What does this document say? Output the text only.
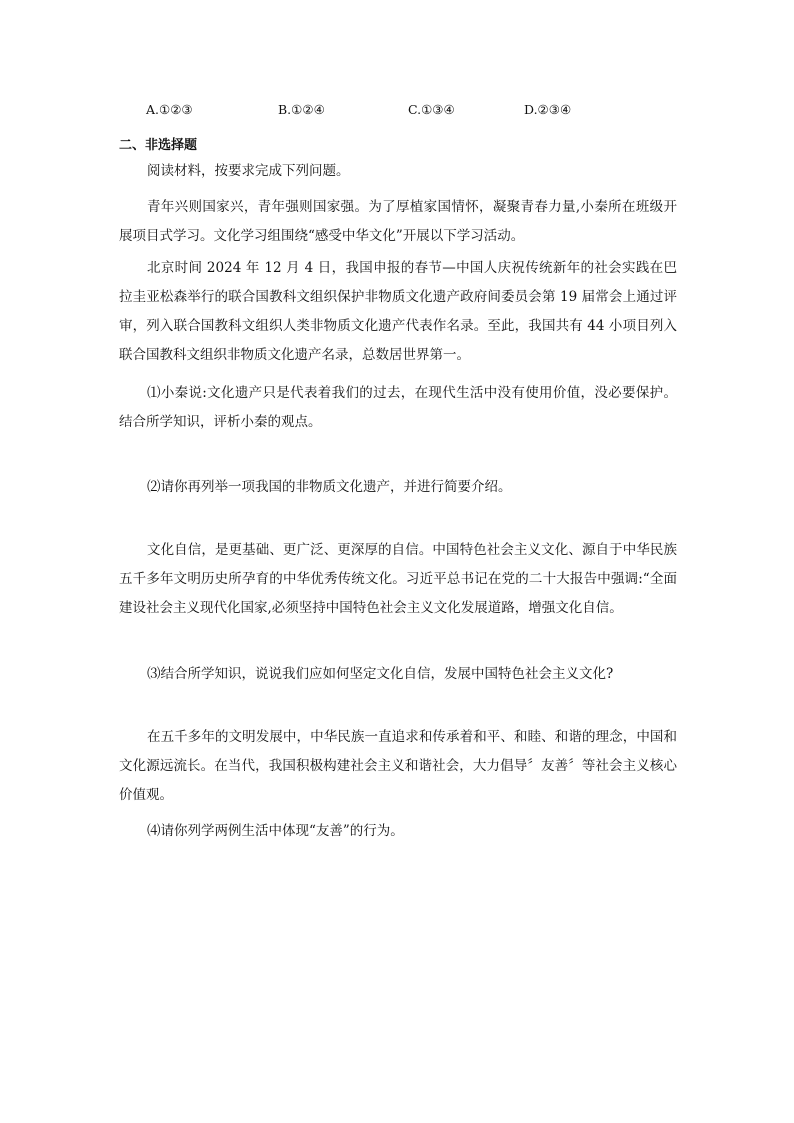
A.①②③	B.①②④	C.①③④	D.②③④
二、非选择题

阅读材料，按要求完成下列问题。

青年兴则国家兴，青年强则国家强。为了厚植家国情怀，凝聚青春力量,小秦所在班级开展项目式学习。文化学习组围绕“感受中华文化”开展以下学习活动。

北京时间 2024 年 12 月 4 日，我国申报的春节—中国人庆祝传统新年的社会实践在巴拉圭亚松森举行的联合国教科文组织保护非物质文化遗产政府间委员会第 19 届常会上通过评审，列入联合国教科文组织人类非物质文化遗产代表作名录。至此，我国共有 44 小项目列入联合国教科文组织非物质文化遗产名录，总数居世界第一。

⑴小秦说:文化遗产只是代表着我们的过去，在现代生活中没有使用价值，没必要保护。结合所学知识，评析小秦的观点。

⑵请你再列举一项我国的非物质文化遗产，并进行简要介绍。

文化自信，是更基础、更广泛、更深厚的自信。中国特色社会主义文化、源自于中华民族五千多年文明历史所孕育的中华优秀传统文化。习近平总书记在党的二十大报告中强调:“全面建设社会主义现代化国家,必须坚持中国特色社会主义文化发展道路，增强文化自信。

⑶结合所学知识，说说我们应如何坚定文化自信，发展中国特色社会主义文化?

在五千多年的文明发展中，中华民族一直追求和传承着和平、和睦、和谐的理念，中国和文化源远流长。在当代，我国积极构建社会主义和谐社会，大力倡导〞友善〞等社会主义核心价值观。

⑷请你列学两例生活中体现“友善”的行为。
